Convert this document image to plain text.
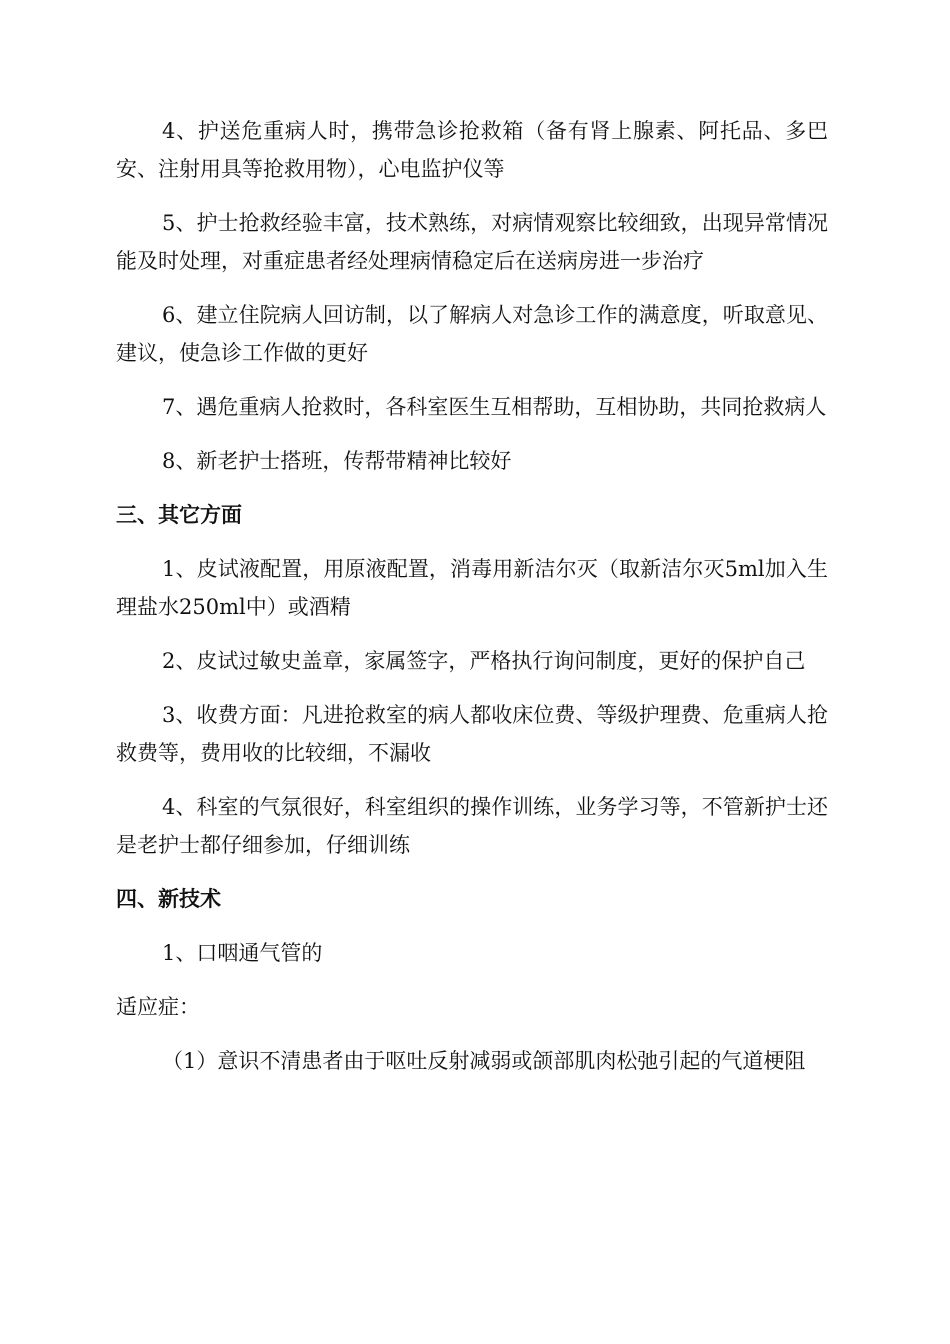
4、护送危重病人时，携带急诊抢救箱（备有肾上腺素、阿托品、多巴安、注射用具等抢救用物），心电监护仪等

5、护士抢救经验丰富，技术熟练，对病情观察比较细致，出现异常情况能及时处理，对重症患者经处理病情稳定后在送病房进一步治疗

6、建立住院病人回访制，以了解病人对急诊工作的满意度，听取意见、建议，使急诊工作做的更好

7、遇危重病人抢救时，各科室医生互相帮助，互相协助，共同抢救病人

8、新老护士搭班，传帮带精神比较好

三、其它方面

1、皮试液配置，用原液配置，消毒用新洁尔灭（取新洁尔灭5ml加入生理盐水250ml中）或酒精

2、皮试过敏史盖章，家属签字，严格执行询问制度，更好的保护自己

3、收费方面：凡进抢救室的病人都收床位费、等级护理费、危重病人抢救费等，费用收的比较细，不漏收

4、科室的气氛很好，科室组织的操作训练，业务学习等，不管新护士还是老护士都仔细参加，仔细训练

四、新技术

1、口咽通气管的

适应症：

（1）意识不清患者由于呕吐反射减弱或颌部肌肉松弛引起的气道梗阻
